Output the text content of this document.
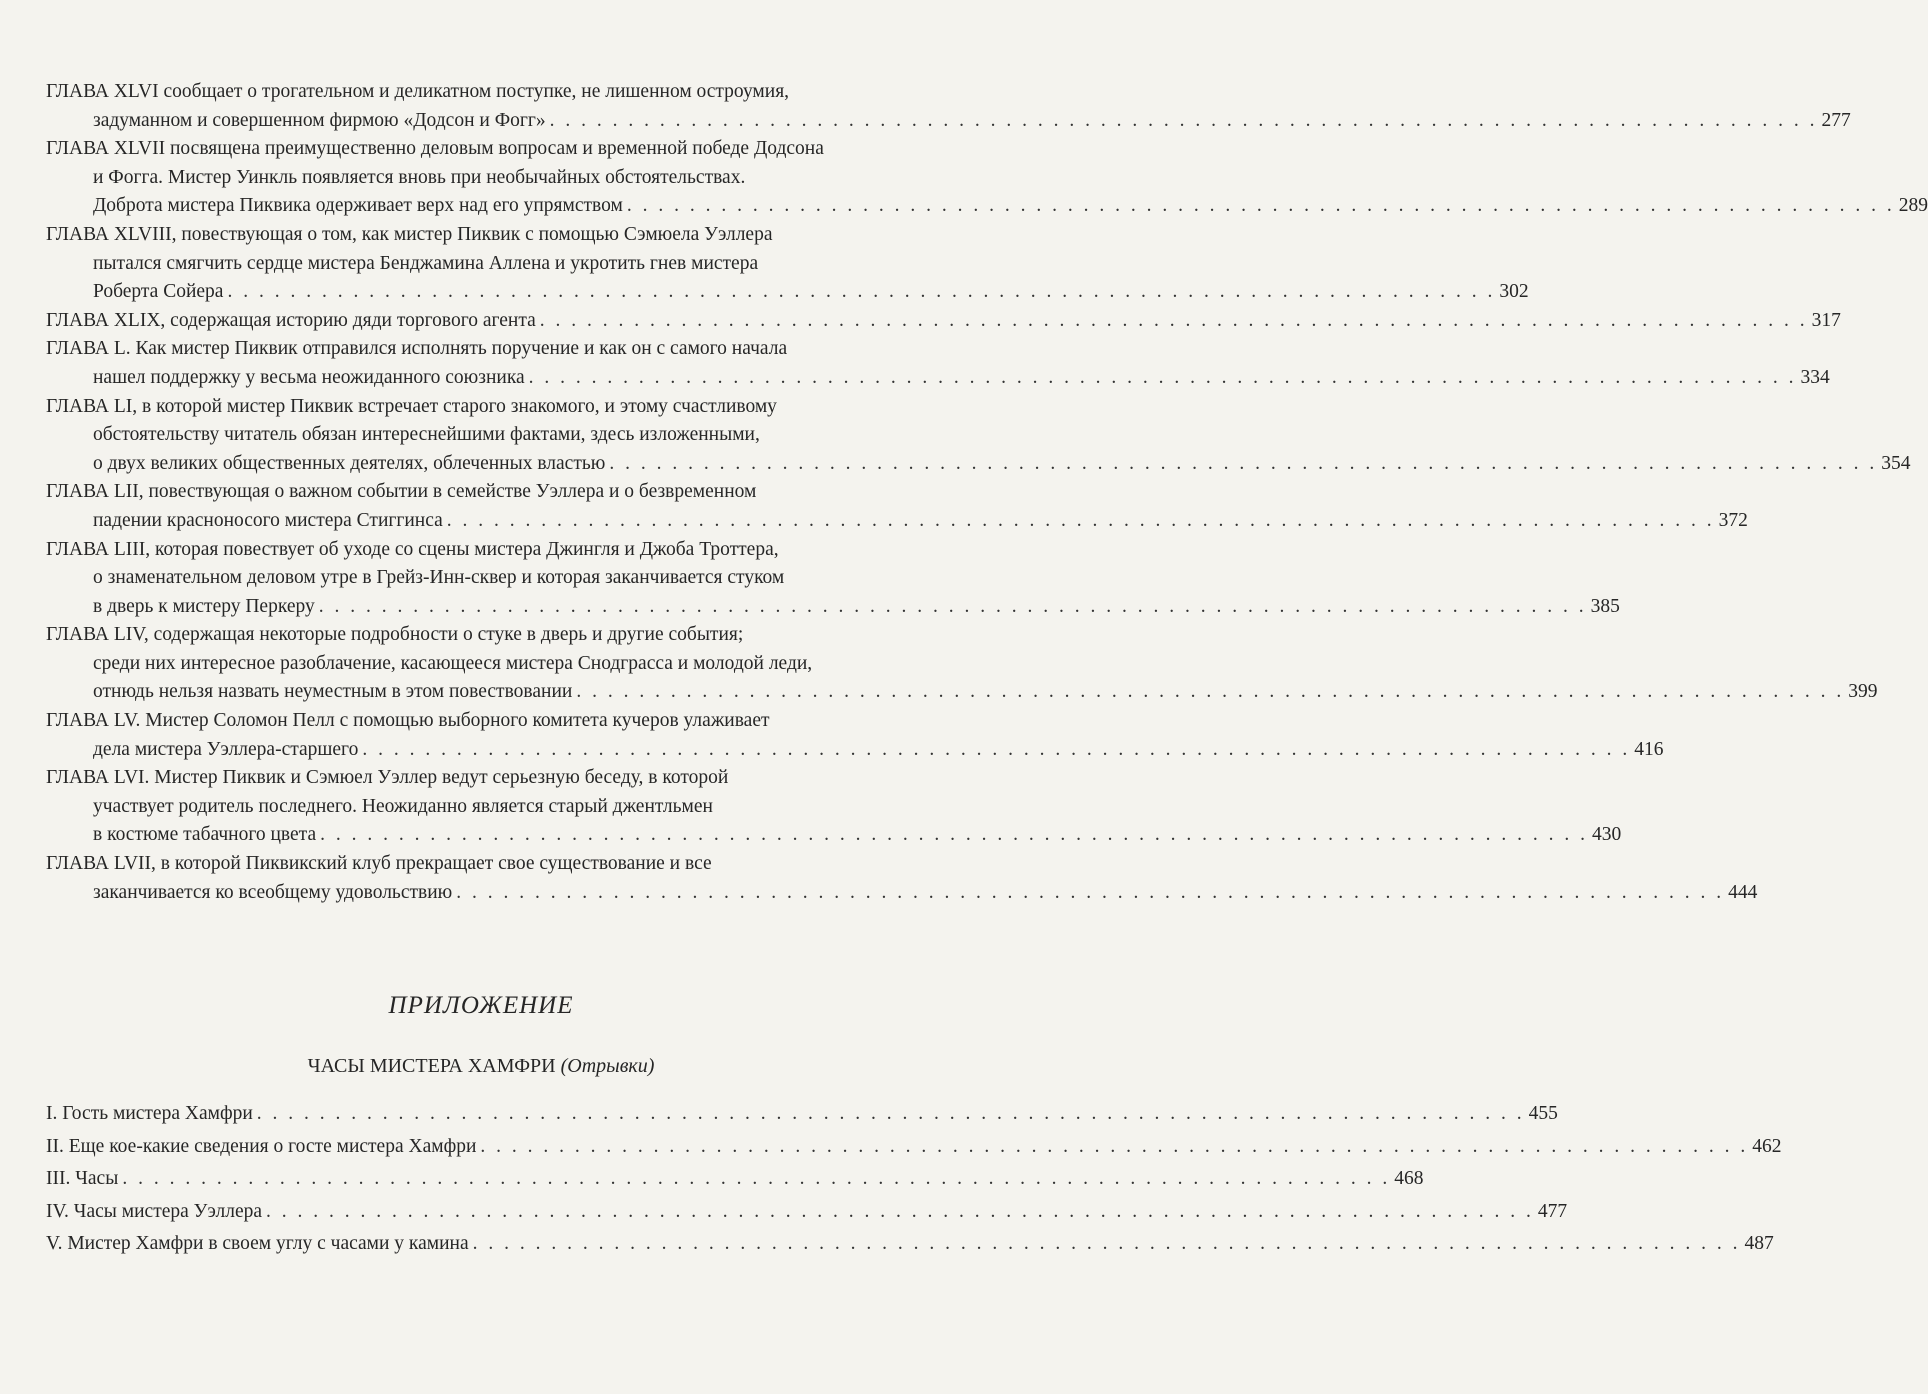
ГЛАВА XLVI сообщает о трогательном и деликатном поступке, не лишенном остроумия,
задуманном и совершенном фирмою «Додсон и Фогг» . . . . . . . . . . . . . . . . . . . . . . . . . . . . . . . . . . . . . . . . . . . . . . . . . . . . . . . . . . . . . . . . . . . . . . . . . . . . . . . . . 277
ГЛАВА XLVII посвящена преимущественно деловым вопросам и временной победе Додсона
и Фогга. Мистер Уинкль появляется вновь при необычайных обстоятельствах.
Доброта мистера Пиквика одерживает верх над его упрямством . . . . . . . . . . . . . . . . . . . . . . . . . . . . . . . . . . . . . . . . . . . . . . . . . . . . . . . . . . . . . . . . . . . . . . . . . . . . . . . . . 289
ГЛАВА XLVIII, повествующая о том, как мистер Пиквик с помощью Сэмюела Уэллера
пытался смягчить сердце мистера Бенджамина Аллена и укротить гнев мистера
Роберта Сойера . . . . . . . . . . . . . . . . . . . . . . . . . . . . . . . . . . . . . . . . . . . . . . . . . . . . . . . . . . . . . . . . . . . . . . . . . . . . . . . . . 302
ГЛАВА XLIX, содержащая историю дяди торгового агента . . . . . . . . . . . . . . . . . . . . . . . . . . . . . . . . . . . . . . . . . . . . . . . . . . . . . . . . . . . . . . . . . . . . . . . . . . . . . . . . . 317
ГЛАВА L. Как мистер Пиквик отправился исполнять поручение и как он с самого начала
нашел поддержку у весьма неожиданного союзника . . . . . . . . . . . . . . . . . . . . . . . . . . . . . . . . . . . . . . . . . . . . . . . . . . . . . . . . . . . . . . . . . . . . . . . . . . . . . . . . . 334
ГЛАВА LI, в которой мистер Пиквик встречает старого знакомого, и этому счастливому
обстоятельству читатель обязан интереснейшими фактами, здесь изложенными,
о двух великих общественных деятелях, облеченных властью . . . . . . . . . . . . . . . . . . . . . . . . . . . . . . . . . . . . . . . . . . . . . . . . . . . . . . . . . . . . . . . . . . . . . . . . . . . . . . . . . 354
ГЛАВА LII, повествующая о важном событии в семействе Уэллера и о безвременном
падении красноносого мистера Стиггинса . . . . . . . . . . . . . . . . . . . . . . . . . . . . . . . . . . . . . . . . . . . . . . . . . . . . . . . . . . . . . . . . . . . . . . . . . . . . . . . . . 372
ГЛАВА LIII, которая повествует об уходе со сцены мистера Джингля и Джоба Троттера,
о знаменательном деловом утре в Грейз-Инн-сквер и которая заканчивается стуком
в дверь к мистеру Перкеру . . . . . . . . . . . . . . . . . . . . . . . . . . . . . . . . . . . . . . . . . . . . . . . . . . . . . . . . . . . . . . . . . . . . . . . . . . . . . . . . . 385
ГЛАВА LIV, содержащая некоторые подробности о стуке в дверь и другие события;
среди них интересное разоблачение, касающееся мистера Снодграсса и молодой леди,
отнюдь нельзя назвать неуместным в этом повествовании . . . . . . . . . . . . . . . . . . . . . . . . . . . . . . . . . . . . . . . . . . . . . . . . . . . . . . . . . . . . . . . . . . . . . . . . . . . . . . . . . 399
ГЛАВА LV. Мистер Соломон Пелл с помощью выборного комитета кучеров улаживает
дела мистера Уэллера-старшего . . . . . . . . . . . . . . . . . . . . . . . . . . . . . . . . . . . . . . . . . . . . . . . . . . . . . . . . . . . . . . . . . . . . . . . . . . . . . . . . . 416
ГЛАВА LVI. Мистер Пиквик и Сэмюел Уэллер ведут сeрьезную беседу, в которой
участвует родитель последнего. Неожиданно является старый джентльмен
в костюме табачного цвета . . . . . . . . . . . . . . . . . . . . . . . . . . . . . . . . . . . . . . . . . . . . . . . . . . . . . . . . . . . . . . . . . . . . . . . . . . . . . . . . . 430
ГЛАВА LVII, в которой Пиквикский клуб прекращает свое существование и все
заканчивается ко всеобщему удовольствию . . . . . . . . . . . . . . . . . . . . . . . . . . . . . . . . . . . . . . . . . . . . . . . . . . . . . . . . . . . . . . . . . . . . . . . . . . . . . . . . . 444
ПРИЛОЖЕНИЕ
ЧАСЫ МИСТЕРА ХАМФРИ (Отрывки)
I. Гость мистера Хамфри . . . . . . . . . . . . . . . . . . . . . . . . . . . . . . . . . . . . . . . . . . . . . . . . . . . . . . . . . . . . . . . . . . . . . . . . . . . . . . . . . 455
II. Еще кое-какие сведения о госте мистера Хамфри . . . . . . . . . . . . . . . . . . . . . . . . . . . . . . . . . . . . . . . . . . . . . . . . . . . . . . . . . . . . . . . . . . . . . . . . . . . . . . . . . 462
III. Часы . . . . . . . . . . . . . . . . . . . . . . . . . . . . . . . . . . . . . . . . . . . . . . . . . . . . . . . . . . . . . . . . . . . . . . . . . . . . . . . . . 468
IV. Часы мистера Уэллера . . . . . . . . . . . . . . . . . . . . . . . . . . . . . . . . . . . . . . . . . . . . . . . . . . . . . . . . . . . . . . . . . . . . . . . . . . . . . . . . . 477
V. Мистер Хамфри в своем углу с часами у камина . . . . . . . . . . . . . . . . . . . . . . . . . . . . . . . . . . . . . . . . . . . . . . . . . . . . . . . . . . . . . . . . . . . . . . . . . . . . . . . . . 487
